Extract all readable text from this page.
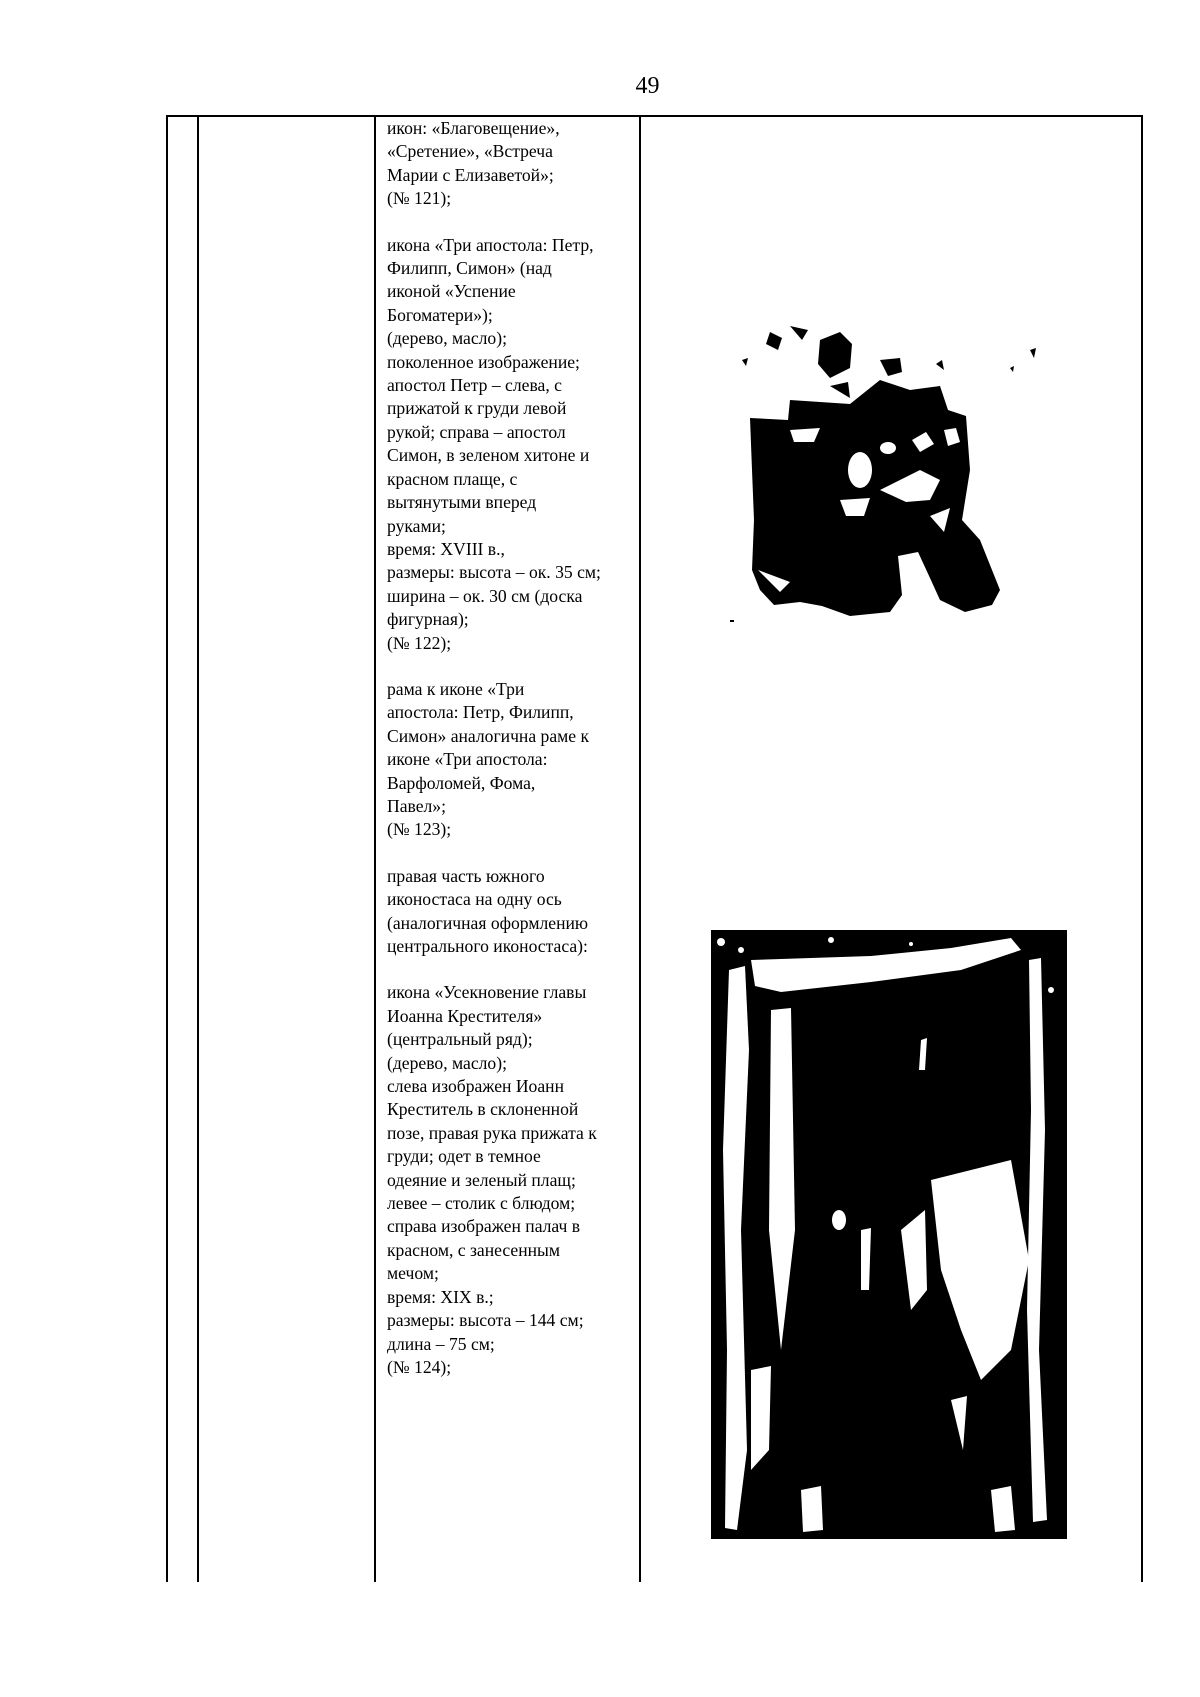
49

икон: «Благовещение»,
«Сретение», «Встреча
Марии с Елизаветой»;
(№ 121);

икона «Три апостола: Петр,
Филипп, Симон» (над
иконой «Успение
Богоматери»);
(дерево, масло);
поколенное изображение;
апостол Петр – слева, с
прижатой к груди левой
рукой; справа – апостол
Симон, в зеленом хитоне и
красном плаще, с
вытянутыми вперед
руками;
время: XVIII в.,
размеры: высота – ок. 35 см;
ширина – ок. 30 см (доска
фигурная);
(№ 122);

рама к иконе «Три
апостола: Петр, Филипп,
Симон» аналогична раме к
иконе «Три апостола:
Варфоломей, Фома,
Павел»;
(№ 123);

правая часть южного
иконостаса на одну ось
(аналогичная оформлению
центрального иконостаса):

икона «Усекновение главы
Иоанна Крестителя»
(центральный ряд);
(дерево, масло);
слева изображен Иоанн
Креститель в склоненной
позе, правая рука прижата к
груди; одет в темное
одеяние и зеленый плащ;
левее – столик с блюдом;
справа изображен палач в
красном, с занесенным
мечом;
время: XIX в.;
размеры: высота – 144 см;
длина – 75 см;
(№ 124);
